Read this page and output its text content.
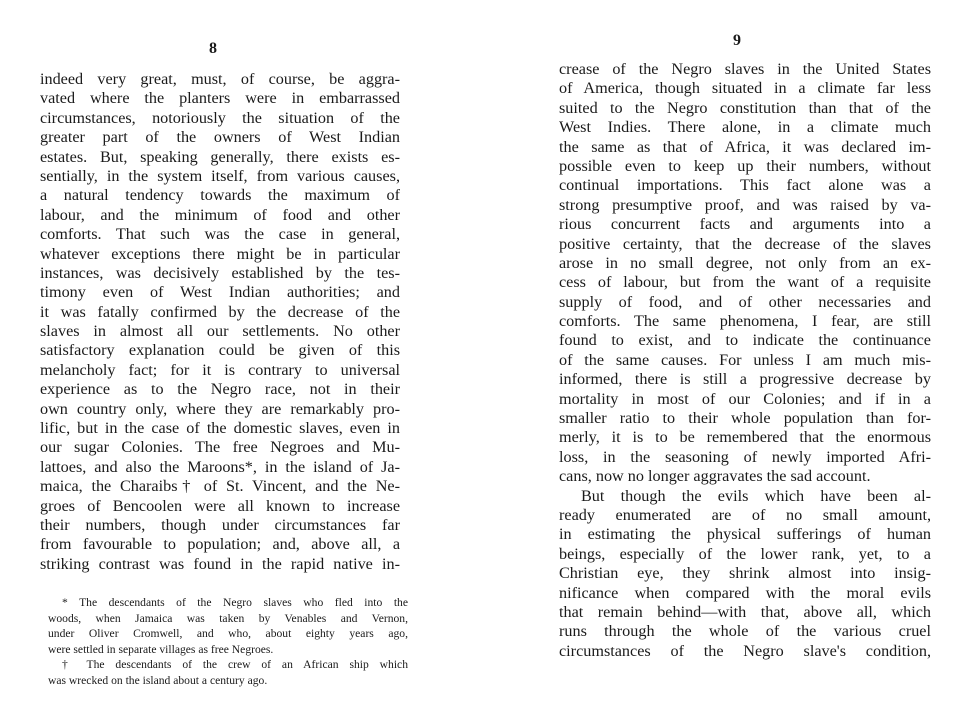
8
indeed very great, must, of course, be aggra-
vated where the planters were in embarrassed
circumstances, notoriously the situation of the
greater part of the owners of West Indian
estates. But, speaking generally, there exists es-
sentially, in the system itself, from various causes,
a natural tendency towards the maximum of
labour, and the minimum of food and other
comforts. That such was the case in general,
whatever exceptions there might be in particular
instances, was decisively established by the tes-
timony even of West Indian authorities; and
it was fatally confirmed by the decrease of the
slaves in almost all our settlements. No other
satisfactory explanation could be given of this
melancholy fact; for it is contrary to universal
experience as to the Negro race, not in their
own country only, where they are remarkably pro-
lific, but in the case of the domestic slaves, even in
our sugar Colonies. The free Negroes and Mu-
lattoes, and also the Maroons*, in the island of Ja-
maica, the Charaibs† of St. Vincent, and the Ne-
groes of Bencoolen were all known to increase
their numbers, though under circumstances far
from favourable to population; and, above all, a
striking contrast was found in the rapid native in-
* The descendants of the Negro slaves who fled into the
woods, when Jamaica was taken by Venables and Vernon,
under Oliver Cromwell, and who, about eighty years ago,
were settled in separate villages as free Negroes.
† The descendants of the crew of an African ship which
was wrecked on the island about a century ago.
9
crease of the Negro slaves in the United States
of America, though situated in a climate far less
suited to the Negro constitution than that of the
West Indies. There alone, in a climate much
the same as that of Africa, it was declared im-
possible even to keep up their numbers, without
continual importations. This fact alone was a
strong presumptive proof, and was raised by va-
rious concurrent facts and arguments into a
positive certainty, that the decrease of the slaves
arose in no small degree, not only from an ex-
cess of labour, but from the want of a requisite
supply of food, and of other necessaries and
comforts. The same phenomena, I fear, are still
found to exist, and to indicate the continuance
of the same causes. For unless I am much mis-
informed, there is still a progressive decrease by
mortality in most of our Colonies; and if in a
smaller ratio to their whole population than for-
merly, it is to be remembered that the enormous
loss, in the seasoning of newly imported Afri-
cans, now no longer aggravates the sad account.
But though the evils which have been al-
ready enumerated are of no small amount,
in estimating the physical sufferings of human
beings, especially of the lower rank, yet, to a
Christian eye, they shrink almost into insig-
nificance when compared with the moral evils
that remain behind—with that, above all, which
runs through the whole of the various cruel
circumstances of the Negro slave's condition,
